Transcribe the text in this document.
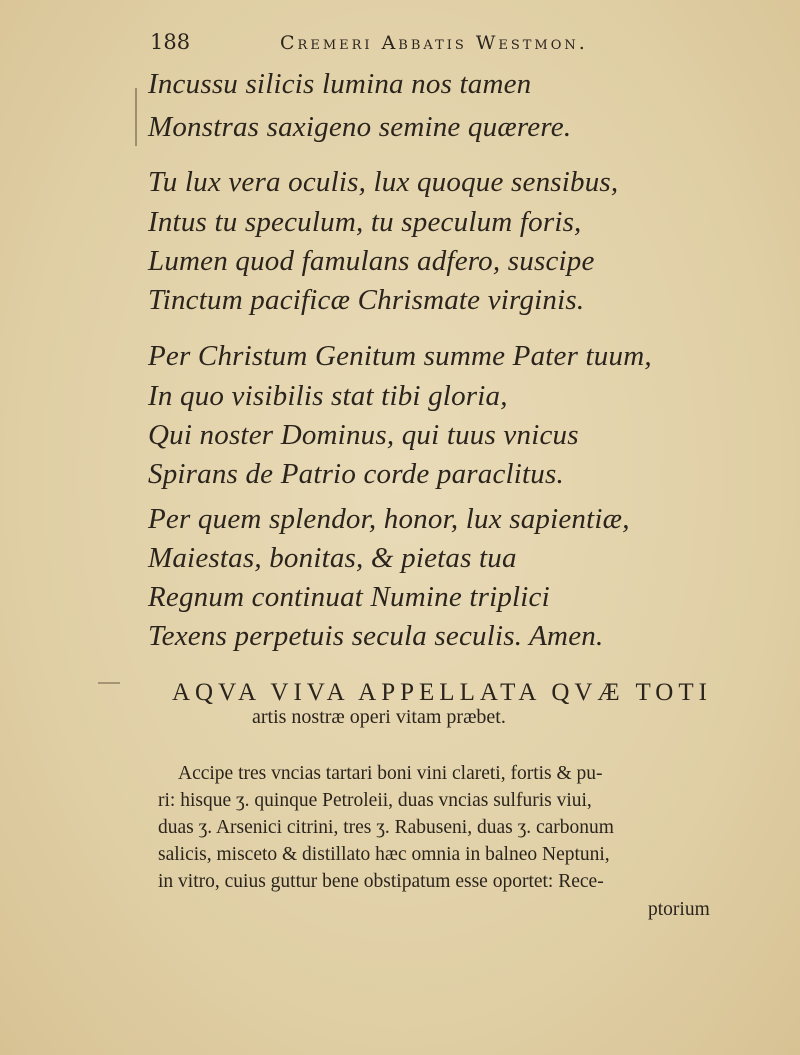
188	Cremeri Abbatis Westmon.
Incussu silicis lumina nos tamen
Monstras saxigeno semine quærere.
Tu lux vera oculis, lux quoque sensibus,
Intus tu speculum, tu speculum foris,
Lumen quod famulans adfero, suscipe
Tinctum pacificæ Chrismate virginis.
Per Christum Genitum summe Pater tuum,
In quo visibilis stat tibi gloria,
Qui noster Dominus, qui tuus vnicus
Spirans de Patrio corde paraclitus.
Per quem splendor, honor, lux sapientiæ,
Maiestas, bonitas, & pietas tua
Regnum continuat Numine triplici
Texens perpetuis secula seculis. Amen.
AQVA VIVA APPELLATA QVÆ TOTI
artis nostræ operi vitam præbet.
Accipe tres vncias tartari boni vini clareti, fortis & pu-
ri: hisque ʒ. quinque Petroleii, duas vncias sulfuris viui,
duas ʒ. Arsenici citrini, tres ʒ. Rabuseni, duas ʒ. carbonum
salicis, misceto & distillato hæc omnia in balneo Neptuni,
in vitro, cuius guttur bene obstipatum esse oportet: Rece-
ptorium
